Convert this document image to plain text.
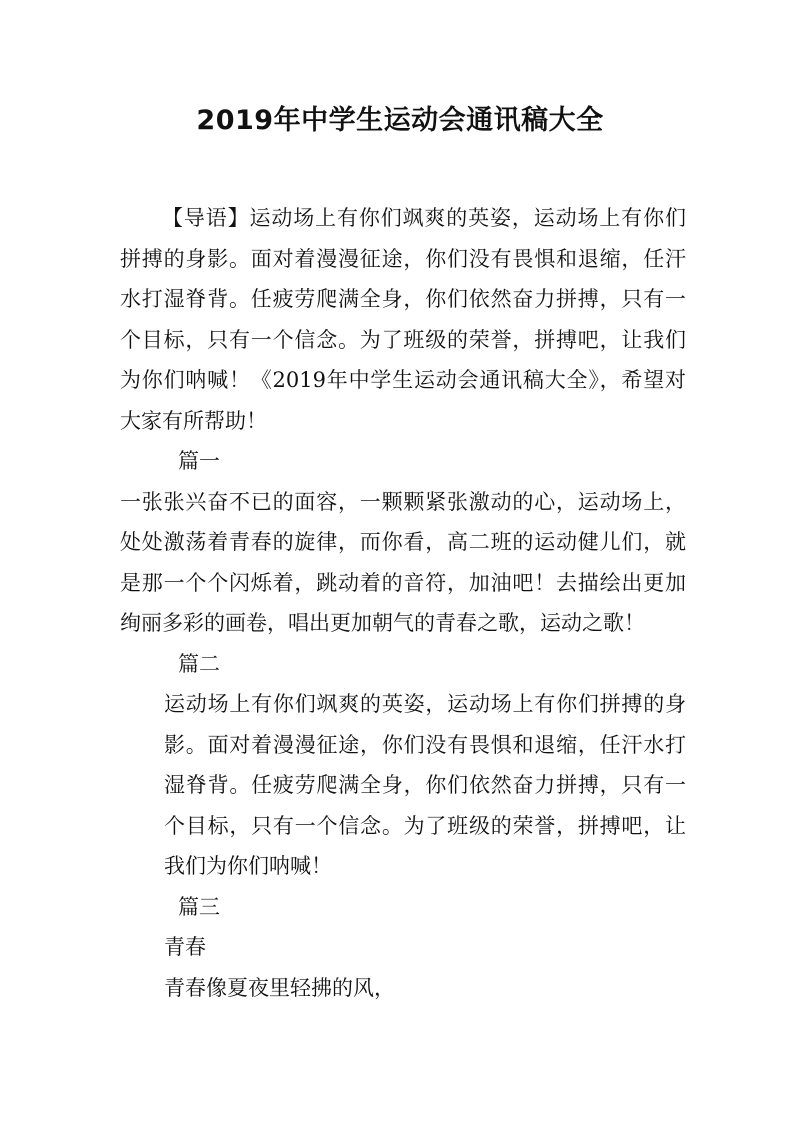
2019年中学生运动会通讯稿大全

【导语】运动场上有你们飒爽的英姿，运动场上有你们拼搏的身影。面对着漫漫征途，你们没有畏惧和退缩，任汗水打湿脊背。任疲劳爬满全身，你们依然奋力拼搏，只有一个目标，只有一个信念。为了班级的荣誉，拼搏吧，让我们为你们呐喊！《2019年中学生运动会通讯稿大全》，希望对大家有所帮助！

篇一

一张张兴奋不已的面容，一颗颗紧张激动的心，运动场上，处处激荡着青春的旋律，而你看，高二班的运动健儿们，就是那一个个闪烁着，跳动着的音符，加油吧！去描绘出更加绚丽多彩的画卷，唱出更加朝气的青春之歌，运动之歌！

篇二

运动场上有你们飒爽的英姿，运动场上有你们拼搏的身影。面对着漫漫征途，你们没有畏惧和退缩，任汗水打湿脊背。任疲劳爬满全身，你们依然奋力拼搏，只有一个目标，只有一个信念。为了班级的荣誉，拼搏吧，让我们为你们呐喊！

篇三

青春

青春像夏夜里轻拂的风，
